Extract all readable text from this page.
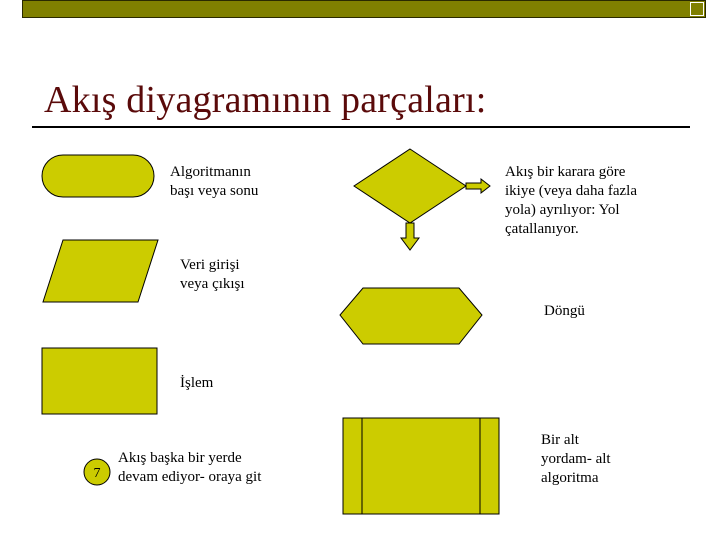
Akış diyagramının parçaları:
7
Algoritmanın
başı veya sonu
Veri girişi
veya çıkışı
İşlem
Akış başka bir yerde
devam ediyor- oraya git
Akış bir karara göre
ikiye (veya daha fazla
yola) ayrılıyor: Yol
çatallanıyor.
Döngü
Bir alt
yordam- alt
algoritma
